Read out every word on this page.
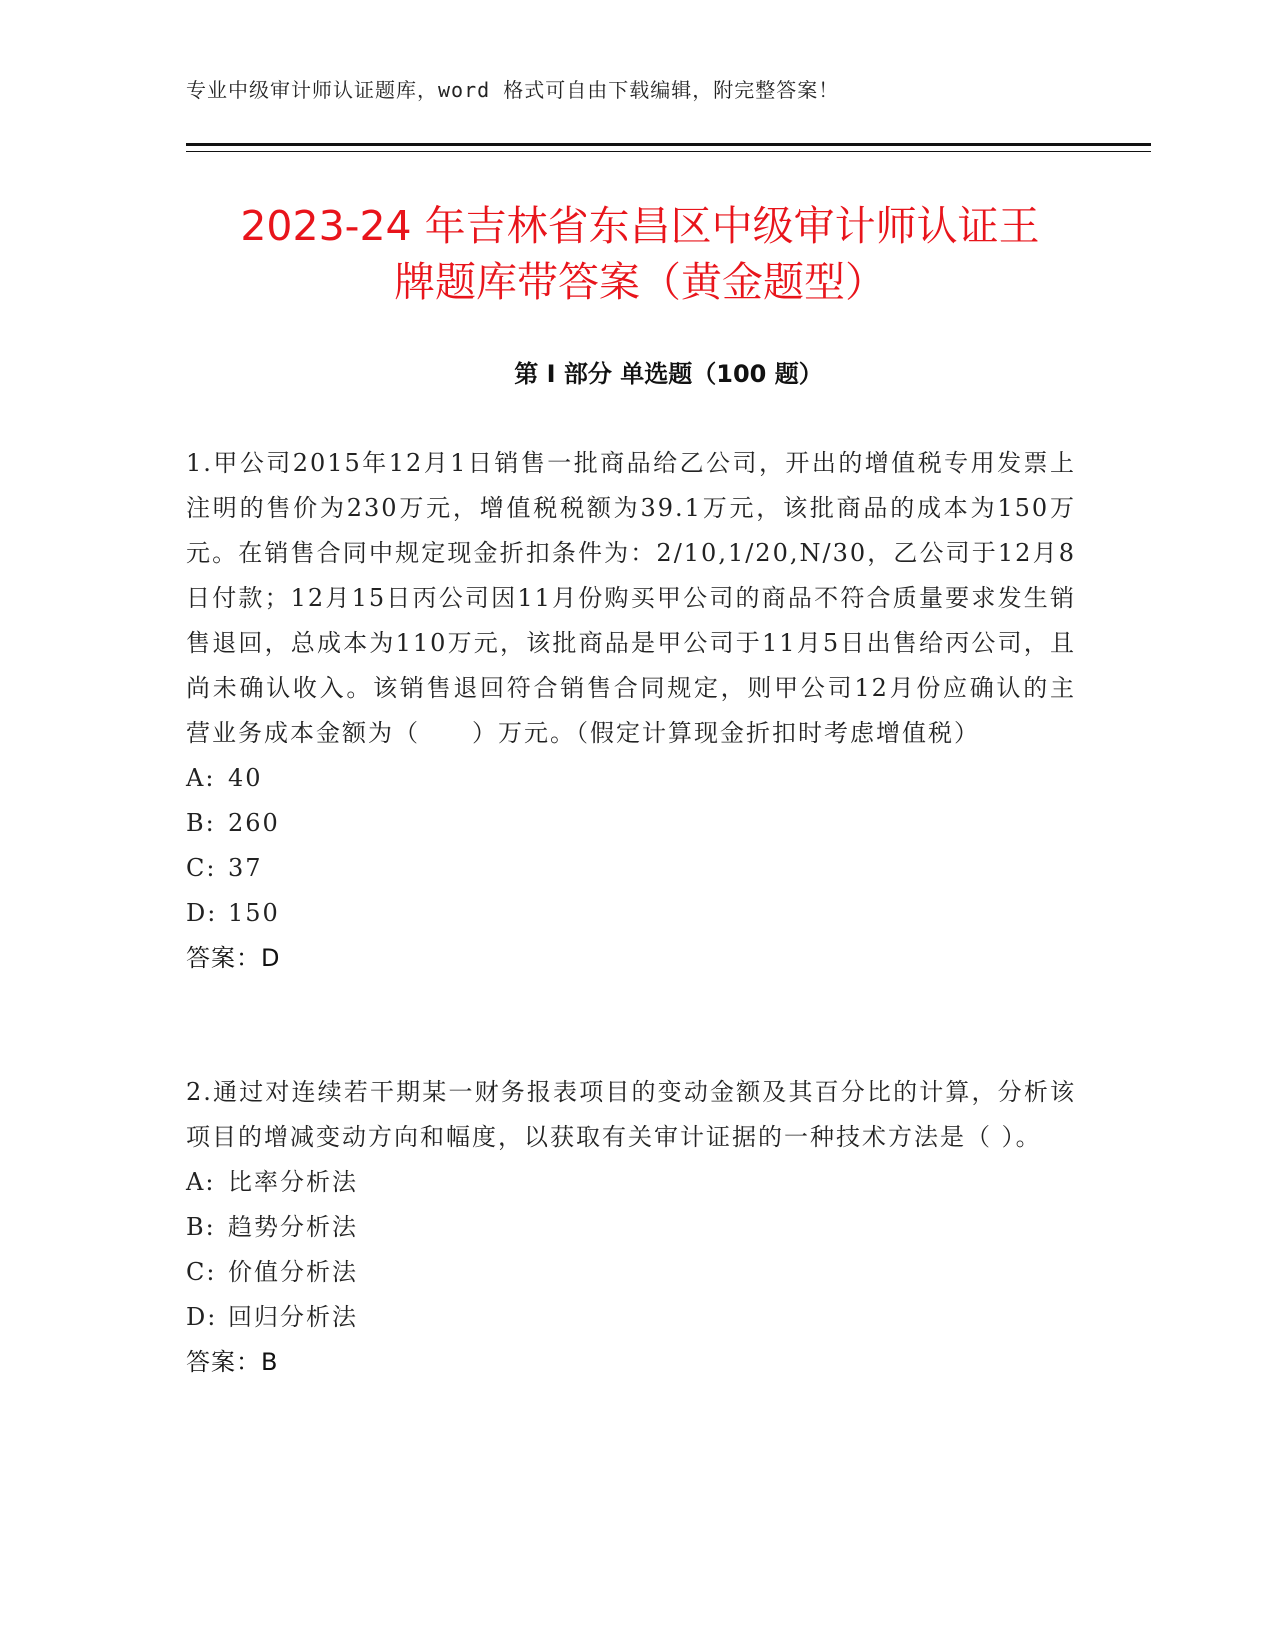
专业中级审计师认证题库，word 格式可自由下载编辑，附完整答案！
2023-24 年吉林省东昌区中级审计师认证王
牌题库带答案（黄金题型）
第 I 部分 单选题（100 题）

1.甲公司2015年12月1日销售一批商品给乙公司，开出的增值税专用发票上注明的售价为230万元，增值税税额为39.1万元，该批商品的成本为150万元。在销售合同中规定现金折扣条件为：2/10,1/20,N/30，乙公司于12月8日付款；12月15日丙公司因11月份购买甲公司的商品不符合质量要求发生销售退回，总成本为110万元，该批商品是甲公司于11月5日出售给丙公司，且尚未确认收入。该销售退回符合销售合同规定，则甲公司12月份应确认的主营业务成本金额为（　　）万元。（假定计算现金折扣时考虑增值税）

A: 40
B: 260
C: 37
D: 150

答案：D

2.通过对连续若干期某一财务报表项目的变动金额及其百分比的计算，分析该项目的增减变动方向和幅度，以获取有关审计证据的一种技术方法是（ ）。

A: 比率分析法
B: 趋势分析法
C: 价值分析法
D: 回归分析法

答案：B
